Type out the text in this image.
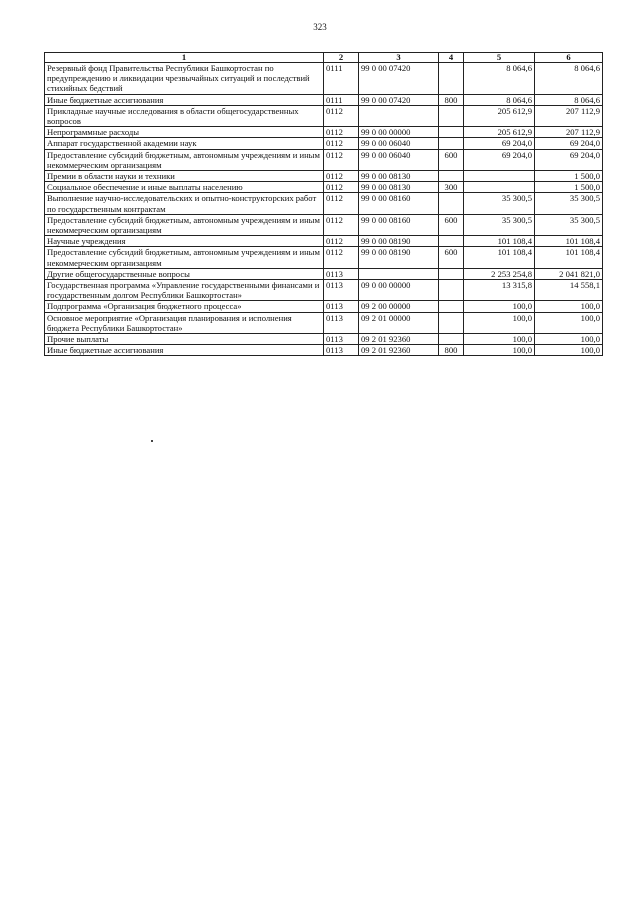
323
1	2	3	4	5	6
Резервный фонд Правительства Республики Башкортостан по предупреждению и ликвидации чрезвычайных ситуаций и последствий стихийных бедствий	0111	99 0 00 07420		8 064,6	8 064,6
Иные бюджетные ассигнования	0111	99 0 00 07420	800	8 064,6	8 064,6
Прикладные научные исследования в области общегосударственных вопросов	0112			205 612,9	207 112,9
Непрограммные расходы	0112	99 0 00 00000		205 612,9	207 112,9
Аппарат государственной академии наук	0112	99 0 00 06040		69 204,0	69 204,0
Предоставление субсидий бюджетным, автономным учреждениям и иным некоммерческим организациям	0112	99 0 00 06040	600	69 204,0	69 204,0
Премии в области науки и техники	0112	99 0 00 08130			1 500,0
Социальное обеспечение и иные выплаты населению	0112	99 0 00 08130	300		1 500,0
Выполнение научно-исследовательских и опытно-конструкторских работ по государственным контрактам	0112	99 0 00 08160		35 300,5	35 300,5
Предоставление субсидий бюджетным, автономным учреждениям и иным некоммерческим организациям	0112	99 0 00 08160	600	35 300,5	35 300,5
Научные учреждения	0112	99 0 00 08190		101 108,4	101 108,4
Предоставление субсидий бюджетным, автономным учреждениям и иным некоммерческим организациям	0112	99 0 00 08190	600	101 108,4	101 108,4
Другие общегосударственные вопросы	0113			2 253 254,8	2 041 821,0
Государственная программа «Управление государственными финансами и государственным долгом Республики Башкортостан»	0113	09 0 00 00000		13 315,8	14 558,1
Подпрограмма «Организация бюджетного процесса»	0113	09 2 00 00000		100,0	100,0
Основное мероприятие «Организация планирования и исполнения бюджета Республики Башкортостан»	0113	09 2 01 00000		100,0	100,0
Прочие выплаты	0113	09 2 01 92360		100,0	100,0
Иные бюджетные ассигнования	0113	09 2 01 92360	800	100,0	100,0
